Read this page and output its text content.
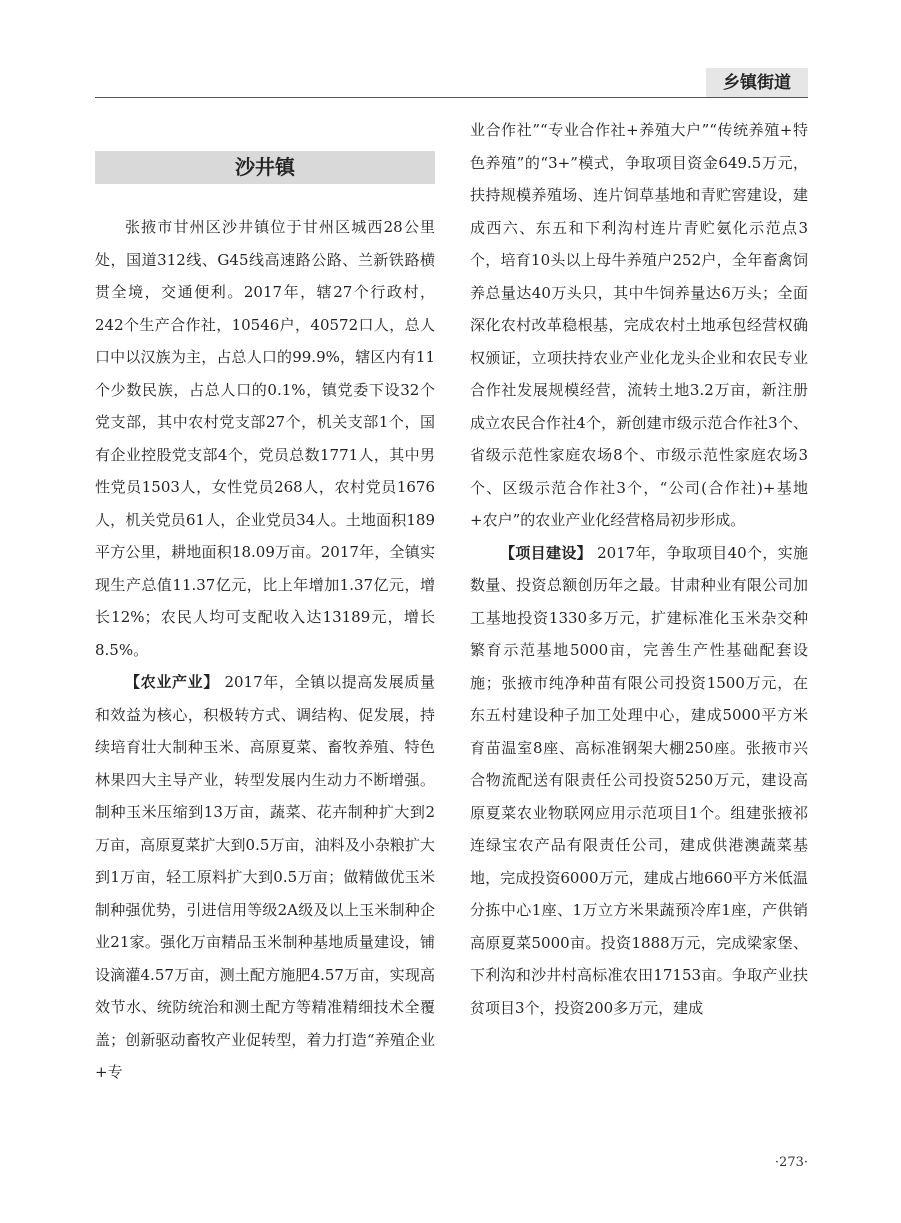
乡镇街道
沙井镇

张掖市甘州区沙井镇位于甘州区城西28公里处，国道312线、G45线高速路公路、兰新铁路横贯全境，交通便利。2017年，辖27个行政村，242个生产合作社，10546户，40572口人，总人口中以汉族为主，占总人口的99.9%，辖区内有11个少数民族，占总人口的0.1%，镇党委下设32个党支部，其中农村党支部27个，机关支部1个，国有企业控股党支部4个，党员总数1771人，其中男性党员1503人，女性党员268人，农村党员1676人，机关党员61人，企业党员34人。土地面积189平方公里，耕地面积18.09万亩。2017年，全镇实现生产总值11.37亿元，比上年增加1.37亿元，增长12%；农民人均可支配收入达13189元，增长8.5%。

【农业产业】 2017年，全镇以提高发展质量和效益为核心，积极转方式、调结构、促发展，持续培育壮大制种玉米、高原夏菜、畜牧养殖、特色林果四大主导产业，转型发展内生动力不断增强。制种玉米压缩到13万亩，蔬菜、花卉制种扩大到2万亩，高原夏菜扩大到0.5万亩，油料及小杂粮扩大到1万亩，轻工原料扩大到0.5万亩；做精做优玉米制种强优势，引进信用等级2A级及以上玉米制种企业21家。强化万亩精品玉米制种基地质量建设，铺设滴灌4.57万亩，测土配方施肥4.57万亩，实现高效节水、统防统治和测土配方等精准精细技术全覆盖；创新驱动畜牧产业促转型，着力打造“养殖企业+专

业合作社”“专业合作社+养殖大户”“传统养殖+特色养殖”的“3+”模式，争取项目资金649.5万元，扶持规模养殖场、连片饲草基地和青贮窖建设，建成西六、东五和下利沟村连片青贮氨化示范点3个，培育10头以上母牛养殖户252户，全年畜禽饲养总量达40万头只，其中牛饲养量达6万头；全面深化农村改革稳根基，完成农村土地承包经营权确权颁证，立项扶持农业产业化龙头企业和农民专业合作社发展规模经营，流转土地3.2万亩，新注册成立农民合作社4个，新创建市级示范合作社3个、省级示范性家庭农场8个、市级示范性家庭农场3个、区级示范合作社3个，“公司(合作社)+基地+农户”的农业产业化经营格局初步形成。

【项目建设】 2017年，争取项目40个，实施数量、投资总额创历年之最。甘肃种业有限公司加工基地投资1330多万元，扩建标准化玉米杂交种繁育示范基地5000亩，完善生产性基础配套设施；张掖市纯净种苗有限公司投资1500万元，在东五村建设种子加工处理中心，建成5000平方米育苗温室8座、高标准钢架大棚250座。张掖市兴合物流配送有限责任公司投资5250万元，建设高原夏菜农业物联网应用示范项目1个。组建张掖祁连绿宝农产品有限责任公司，建成供港澳蔬菜基地，完成投资6000万元，建成占地660平方米低温分拣中心1座、1万立方米果蔬预冷库1座，产供销高原夏菜5000亩。投资1888万元，完成梁家堡、下利沟和沙井村高标准农田17153亩。争取产业扶贫项目3个，投资200多万元，建成

·273·
